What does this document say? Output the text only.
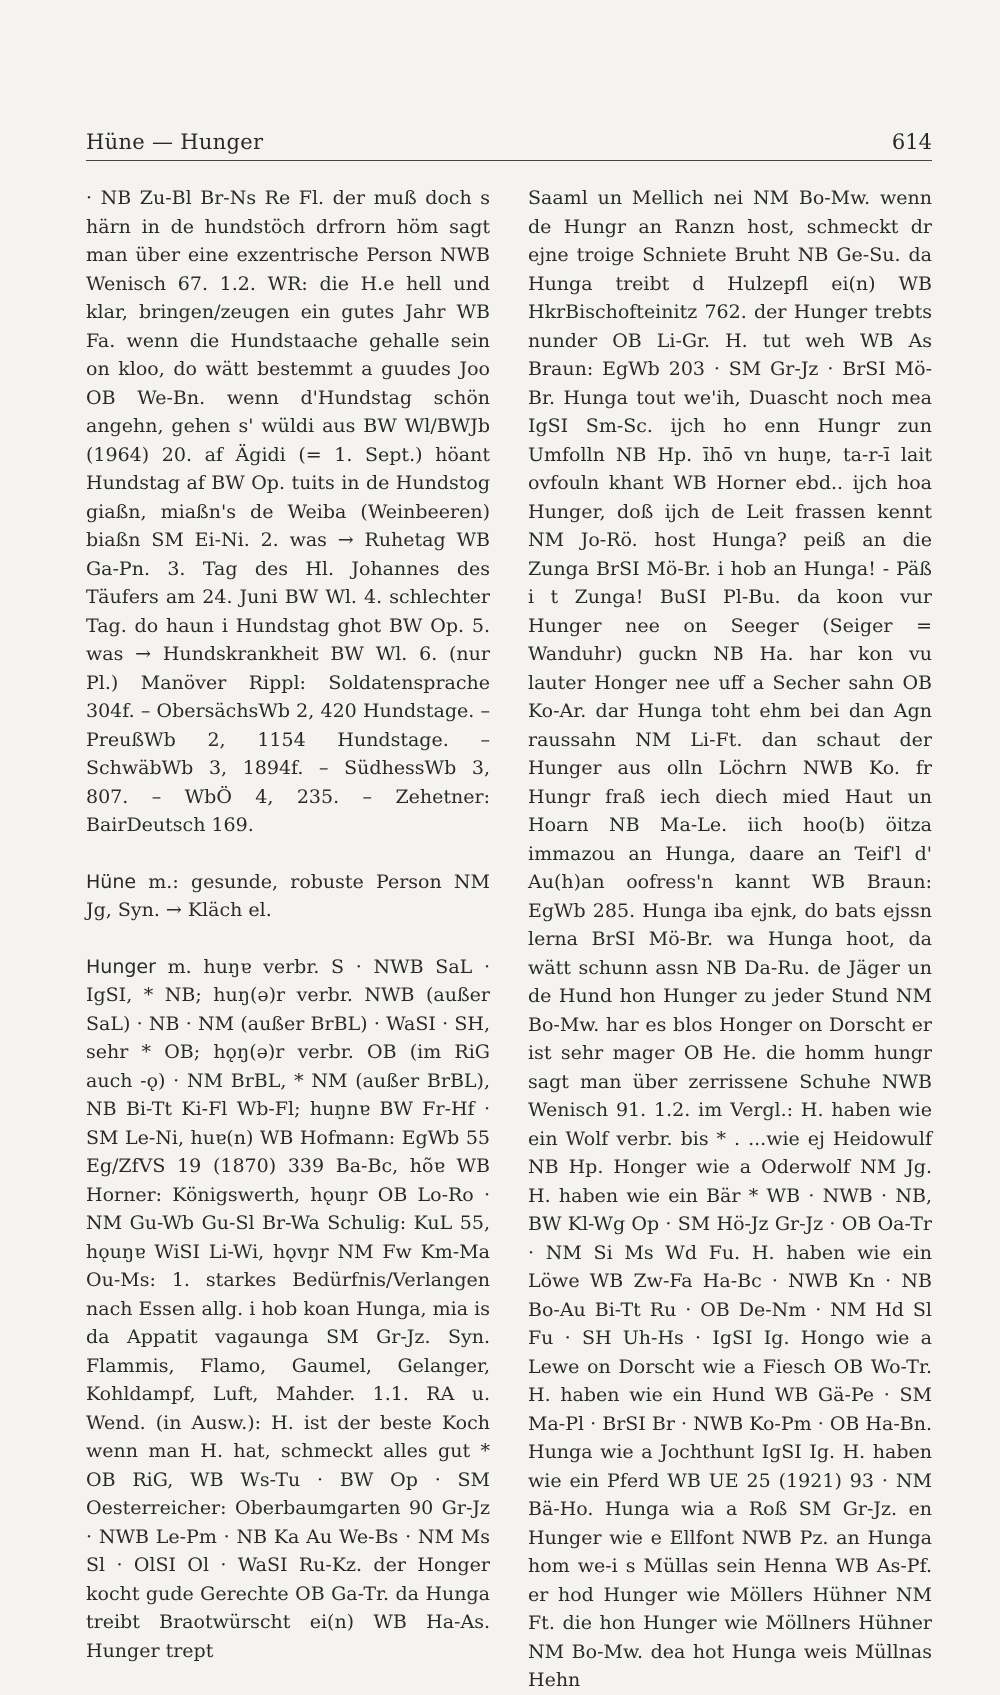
Hüne — Hunger	614

· NB Zu-Bl Br-Ns Re Fl. der muß doch s härn in de hundstöch drfrorn höm sagt man über eine exzentrische Person NWB Wenisch 67. 1.2. WR: die H.e hell und klar, bringen/zeugen ein gutes Jahr WB Fa. wenn die Hundstaache gehalle sein on kloo, do wätt bestemmt a guudes Joo OB We-Bn. wenn d'Hundstag schön angehn, gehen s' wüldi aus BW Wl/BWJb (1964) 20. af Ägidi (= 1. Sept.) höant Hundstag af BW Op. tuits in de Hundstog giaßn, miaßn's de Weiba (Weinbeeren) biaßn SM Ei-Ni. 2. was → Ruhetag WB Ga-Pn. 3. Tag des Hl. Johannes des Täufers am 24. Juni BW Wl. 4. schlechter Tag. do haun i Hundstag ghot BW Op. 5. was → Hundskrankheit BW Wl. 6. (nur Pl.) Manöver Rippl: Soldatensprache 304f. – ObersächsWb 2, 420 Hundstage. – PreußWb 2, 1154 Hundstage. – SchwäbWb 3, 1894f. – SüdhessWb 3, 807. – WbÖ 4, 235. – Zehetner: BairDeutsch 169.

Hüne m.: gesunde, robuste Person NM Jg, Syn. → Kläch el.

Hunger m. huŋɐ verbr. S · NWB SaL · IgSI, * NB; huŋ(ə)r verbr. NWB (außer SaL) · NB · NM (außer BrBL) · WaSI · SH, sehr * OB; hǫŋ(ə)r verbr. OB (im RiG auch -ǫ) · NM BrBL, * NM (außer BrBL), NB Bi-Tt Ki-Fl Wb-Fl; huŋnɐ BW Fr-Hf · SM Le-Ni, huɐ(n) WB Hofmann: EgWb 55 Eg/ZfVS 19 (1870) 339 Ba-Bc, hõɐ WB Horner: Königswerth, hǫuŋr OB Lo-Ro · NM Gu-Wb Gu-Sl Br-Wa Schulig: KuL 55, hǫuŋɐ WiSI Li-Wi, hǫvŋr NM Fw Km-Ma Ou-Ms: 1. starkes Bedürfnis/Verlangen nach Essen allg. i hob koan Hunga, mia is da Appatit vagaunga SM Gr-Jz. Syn. Flammis, Flamo, Gaumel, Gelanger, Kohldampf, Luft, Mahder. 1.1. RA u. Wend. (in Ausw.): H. ist der beste Koch wenn man H. hat, schmeckt alles gut * OB RiG, WB Ws-Tu · BW Op · SM Oesterreicher: Oberbaumgarten 90 Gr-Jz · NWB Le-Pm · NB Ka Au We-Bs · NM Ms Sl · OlSI Ol · WaSI Ru-Kz. der Honger kocht gude Gerechte OB Ga-Tr. da Hunga treibt Braotwürscht ei(n) WB Ha-As. Hunger trept

Saaml un Mellich nei NM Bo-Mw. wenn de Hungr an Ranzn host, schmeckt dr ejne troige Schniete Bruht NB Ge-Su. da Hunga treibt d Hulzepfl ei(n) WB HkrBischofteinitz 762. der Hunger trebts nunder OB Li-Gr. H. tut weh WB As Braun: EgWb 203 · SM Gr-Jz · BrSI Mö-Br. Hunga tout we'ih, Duascht noch mea IgSI Sm-Sc. ijch ho enn Hungr zun Umfolln NB Hp. īhō vn huŋɐ, ta-r-ī lait ovfouln khant WB Horner ebd.. ijch hoa Hunger, doß ijch de Leit frassen kennt NM Jo-Rö. host Hunga? peiß an die Zunga BrSI Mö-Br. i hob an Hunga! - Päß i t Zunga! BuSI Pl-Bu. da koon vur Hunger nee on Seeger (Seiger = Wanduhr) guckn NB Ha. har kon vu lauter Honger nee uff a Secher sahn OB Ko-Ar. dar Hunga toht ehm bei dan Agn raussahn NM Li-Ft. dan schaut der Hunger aus olln Löchrn NWB Ko. fr Hungr fraß iech diech mied Haut un Hoarn NB Ma-Le. iich hoo(b) öitza immazou an Hunga, daare an Teif'l d' Au(h)an oofress'n kannt WB Braun: EgWb 285. Hunga iba ejnk, do bats ejssn lerna BrSI Mö-Br. wa Hunga hoot, da wätt schunn assn NB Da-Ru. de Jäger un de Hund hon Hunger zu jeder Stund NM Bo-Mw. har es blos Honger on Dorscht er ist sehr mager OB He. die homm hungr sagt man über zerrissene Schuhe NWB Wenisch 91. 1.2. im Vergl.: H. haben wie ein Wolf verbr. bis * . ...wie ej Heidowulf NB Hp. Honger wie a Oderwolf NM Jg. H. haben wie ein Bär * WB · NWB · NB, BW Kl-Wg Op · SM Hö-Jz Gr-Jz · OB Oa-Tr · NM Si Ms Wd Fu. H. haben wie ein Löwe WB Zw-Fa Ha-Bc · NWB Kn · NB Bo-Au Bi-Tt Ru · OB De-Nm · NM Hd Sl Fu · SH Uh-Hs · IgSI Ig. Hongo wie a Lewe on Dorscht wie a Fiesch OB Wo-Tr. H. haben wie ein Hund WB Gä-Pe · SM Ma-Pl · BrSI Br · NWB Ko-Pm · OB Ha-Bn. Hunga wie a Jochthunt IgSI Ig. H. haben wie ein Pferd WB UE 25 (1921) 93 · NM Bä-Ho. Hunga wia a Roß SM Gr-Jz. en Hunger wie e Ellfont NWB Pz. an Hunga hom we-i s Müllas sein Henna WB As-Pf. er hod Hunger wie Möllers Hühner NM Ft. die hon Hunger wie Möllners Hühner NM Bo-Mw. dea hot Hunga weis Müllnas Hehn
